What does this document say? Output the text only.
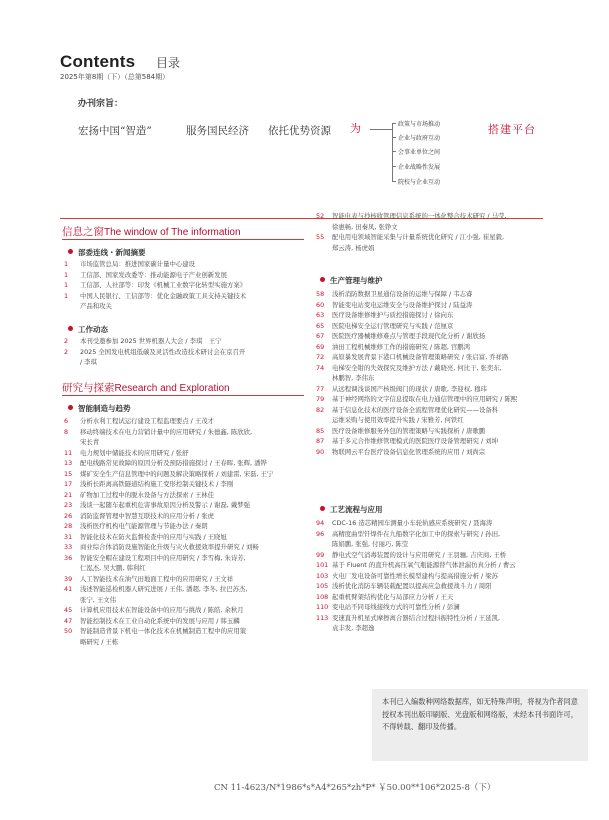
Contents 目录
2025年第8期（下）（总第584期）
办刊宗旨：
宏扬中国“智造”	服务国民经济 依托优势资源 为	政策与市场推动
企业与政府互动
会事业单位之间
企业战略性发展
院校与企业互动
搭建平台
信息之窗The window of The information
部委连线・新闻摘要
1 市场监管总局：推进国家碳计量中心建设
1 工信部、国家发改委等：推动能源电子产业创新发展
1 工信部、人社部等：印发《机械工业数字化转型实施方案》
1 中国人民银行、工信部等：优化金融政策工具支持关键技术
产品和攻关
工作动态
2 本刊受邀参加 2025 世界机器人大会 / 李琪　王宁
2 2025 全国发电机组低碳及灵活性改造技术研讨会在京召开
/ 李琪
研究与探索Research and Exploration
智能制造与趋势
6 分析水利工程试运行建设工程监理要点 / 王茂才
8 移动终端技术在电力营销计量中的应用研究 / 朱德鑫, 陈欣欣,
宋长青
11 电力规划中储能技术的应用研究 / 张舒
13 配电线路常见故障的原因分析及预防措施探讨 / 王春晖, 张辉, 潘铧
15 煤矿安全生产信息管理中的问题及解决策略探析 / 刘建雷, 宋磊, 王宁
17 浅析长距离高铁隧道结构施工变形控制关键技术 / 李刚
21 矿物加工过程中的脱水设备与方法探索 / 王林佳
23 浅谈一起随车起重机危害事故原因分析及警示 / 谢磊, 戴梦强
26 消防监督管理中智慧互联技术的应用分析 / 张虎
28 浅析医疗机构电气能源管理与节能办法 / 秦朗
31 智能化技术在防火监督检查中的应用与实践 / 王晓旭
33 商业综合体消防设施智能化升级与灾火救援效率提升研究 / 刘畅
36 智能安全帽在建设工程项目中的应用研究 / 李雪梅, 朱诗芳,
仁泓杰, 吴大鹏, 韩利红
39 人工智能技术在油气田地面工程中的应用研究 / 王文祥
41 浅述智能巡检机器人研究进展 / 王伟, 潘超, 李冬, 拉巴苏杰,
张宁, 王文伟
45 计算机应用技术在智能设备中的应用与挑战 / 陈皓, 余秋月
47 智能控制技术在工业自动化系统中的发展与应用 / 韩玉麟
50 智能制造背景下机电一体化技术在机械制造工程中的应用策
略研究 / 王栋
52 智能电表与抄核收管理信息系统的一体化整合技术研究 / 马莹,
徐惠畅, 田秦凤, 张铮文
55 配电用电领域智能采集与计量系统优化研究 / 江小强, 崔星毅,
郑云涛, 杨虎娟
生产管理与维护
58 浅析消防数据卫星通信设备的运维与保障 / 韦志睿
60 智能变电站变电运维安全与设备维护探讨 / 陆益涛
63 医疗设备维修维护与质控措施探讨 / 徐向东
65 医院电梯安全运行管理研究与实践 / 范厘京
67 医院医疗器械维修难点与管理手段现代化分析 / 谢欣扬
69 油田工程机械维修工作的措施研究 / 陈超, 官鹏鸿
72 高原暴发展背景下港口机械设备管理策略研究 / 张启富, 乔祥路
74 电梯安全钳的失效探究及维护方法 / 戴晓亮, 何比干, 张奕东,
林鹏智, 李伟东
77 从远程调浅谈国产核级阀门的现状 / 唐歌, 李迎权, 穆玮
79 基于神经网络的文字信息提取在电力通信管理中的应用研究 / 陈熙
82 基于信息化技术的医疗设备全流程管理优化研究——设备科
运维采购与使用效率提升实践 / 宋雅芳, 何铁红
85 医疗设备维修服务外包的管理策略与实践探析 / 唐歌鹏
87 基于多元合作维修管理模式的医院医疗设备管理研究 / 刘坤
90 物联网云平台医疗设备信息化管理系统的应用 / 刘尚宗
工艺流程与应用
94 CDC-16 造芯精园车测量小车轮轨感应系统研究 / 聂海涛
96 高精度曲型钎焊件在九船数字化加工中的探索与研究 / 孙田,
陈娟鹏, 张强, 付丽巧, 陈莹
99 静电式空气消毒装置的设计与应用研究 / 王羽骊, 吉庆商, 王桥
101 基于 Fluent 的直升机高压氧气瓶能源替气体泄漏仿真分析 / 曹云
103 火电厂发电设备可靠性增长模型建构与提高措施分析 / 梁苏
105 浅析优化消防车辆装载配置以提高应急救援战斗力 / 周阳
108 起重机臂架结构优化与局部应力分析 / 王天
110 变电站不同母线接线方式的可靠性分析 / 彭澜
113 变速直升机星式摩擦离合器结合过程抖振特性分析 / 王延凯,
袁丰发, 李超逸
本刊已入编数种网络数据库，如无特殊声明，将视为作者同意授权本刊出版印刷版、光盘版和网络版，未经本刊书面许可，不得转载、翻印及传播。
CN 11-4623/N*1986*s*A4*265*zh*P* ￥50.00**106*2025-8（下）
